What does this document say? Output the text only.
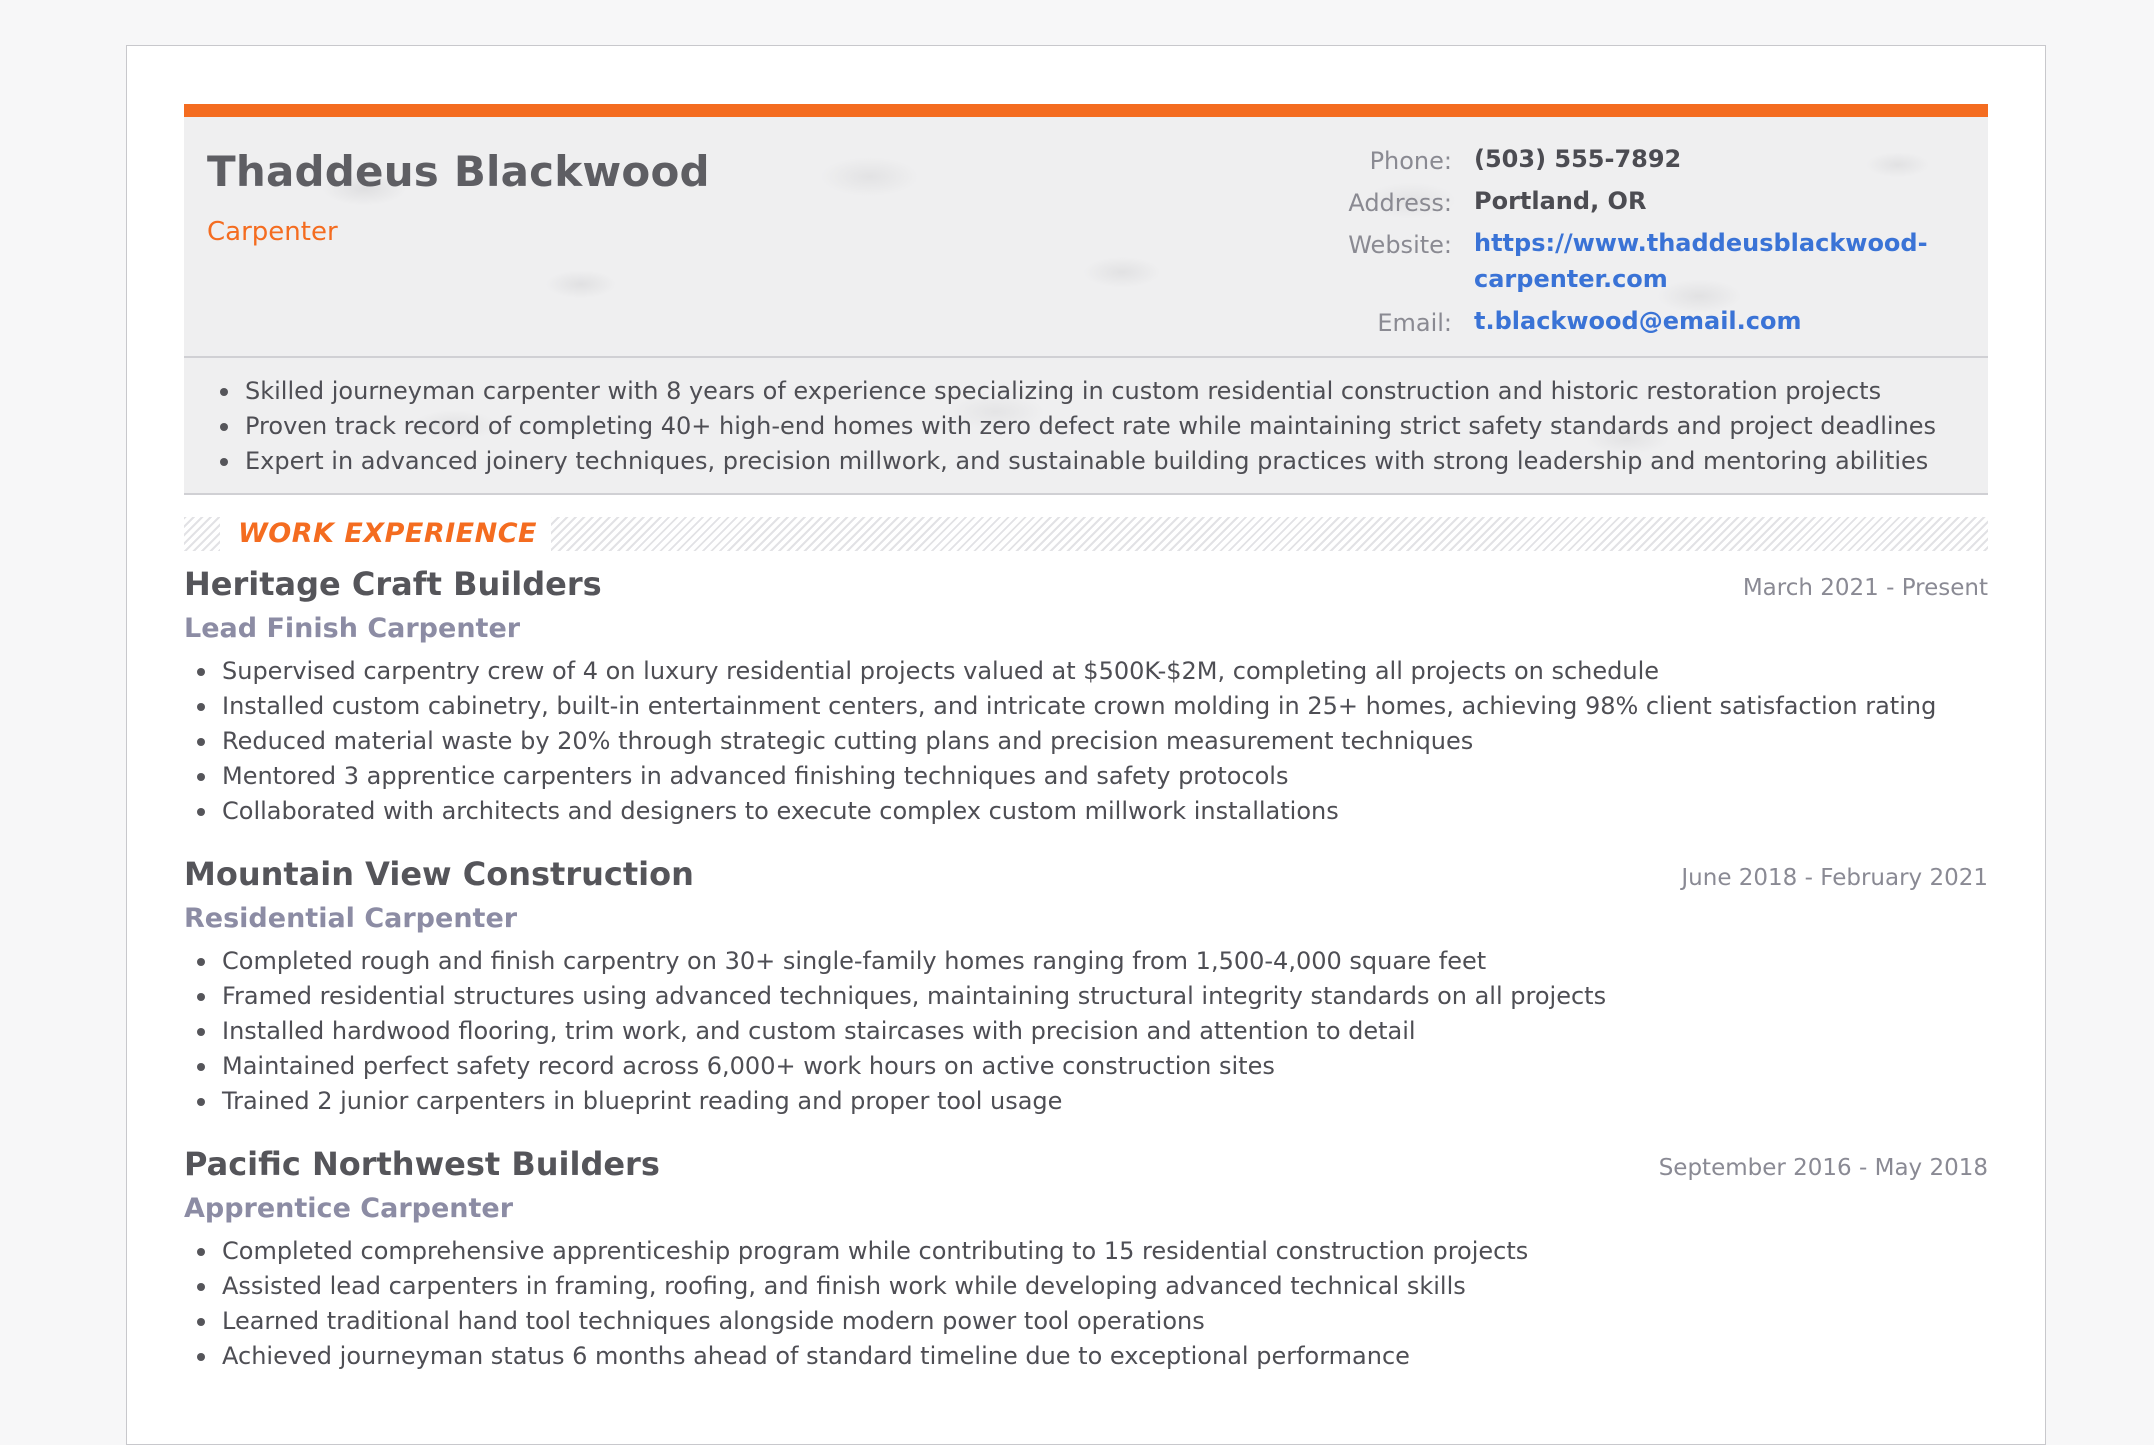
Thaddeus Blackwood
Carpenter
Phone: (503) 555-7892
Address: Portland, OR
Website: https://www.thaddeusblackwood-
carpenter.com
Email: t.blackwood@email.com
Skilled journeyman carpenter with 8 years of experience specializing in custom residential construction and historic restoration projects
Proven track record of completing 40+ high-end homes with zero defect rate while maintaining strict safety standards and project deadlines
Expert in advanced joinery techniques, precision millwork, and sustainable building practices with strong leadership and mentoring abilities
WORK EXPERIENCE
Heritage Craft Builders	March 2021 - Present
Lead Finish Carpenter
Supervised carpentry crew of 4 on luxury residential projects valued at $500K-$2M, completing all projects on schedule
Installed custom cabinetry, built-in entertainment centers, and intricate crown molding in 25+ homes, achieving 98% client satisfaction rating
Reduced material waste by 20% through strategic cutting plans and precision measurement techniques
Mentored 3 apprentice carpenters in advanced finishing techniques and safety protocols
Collaborated with architects and designers to execute complex custom millwork installations
Mountain View Construction	June 2018 - February 2021
Residential Carpenter
Completed rough and finish carpentry on 30+ single-family homes ranging from 1,500-4,000 square feet
Framed residential structures using advanced techniques, maintaining structural integrity standards on all projects
Installed hardwood flooring, trim work, and custom staircases with precision and attention to detail
Maintained perfect safety record across 6,000+ work hours on active construction sites
Trained 2 junior carpenters in blueprint reading and proper tool usage
Pacific Northwest Builders	September 2016 - May 2018
Apprentice Carpenter
Completed comprehensive apprenticeship program while contributing to 15 residential construction projects
Assisted lead carpenters in framing, roofing, and finish work while developing advanced technical skills
Learned traditional hand tool techniques alongside modern power tool operations
Achieved journeyman status 6 months ahead of standard timeline due to exceptional performance
